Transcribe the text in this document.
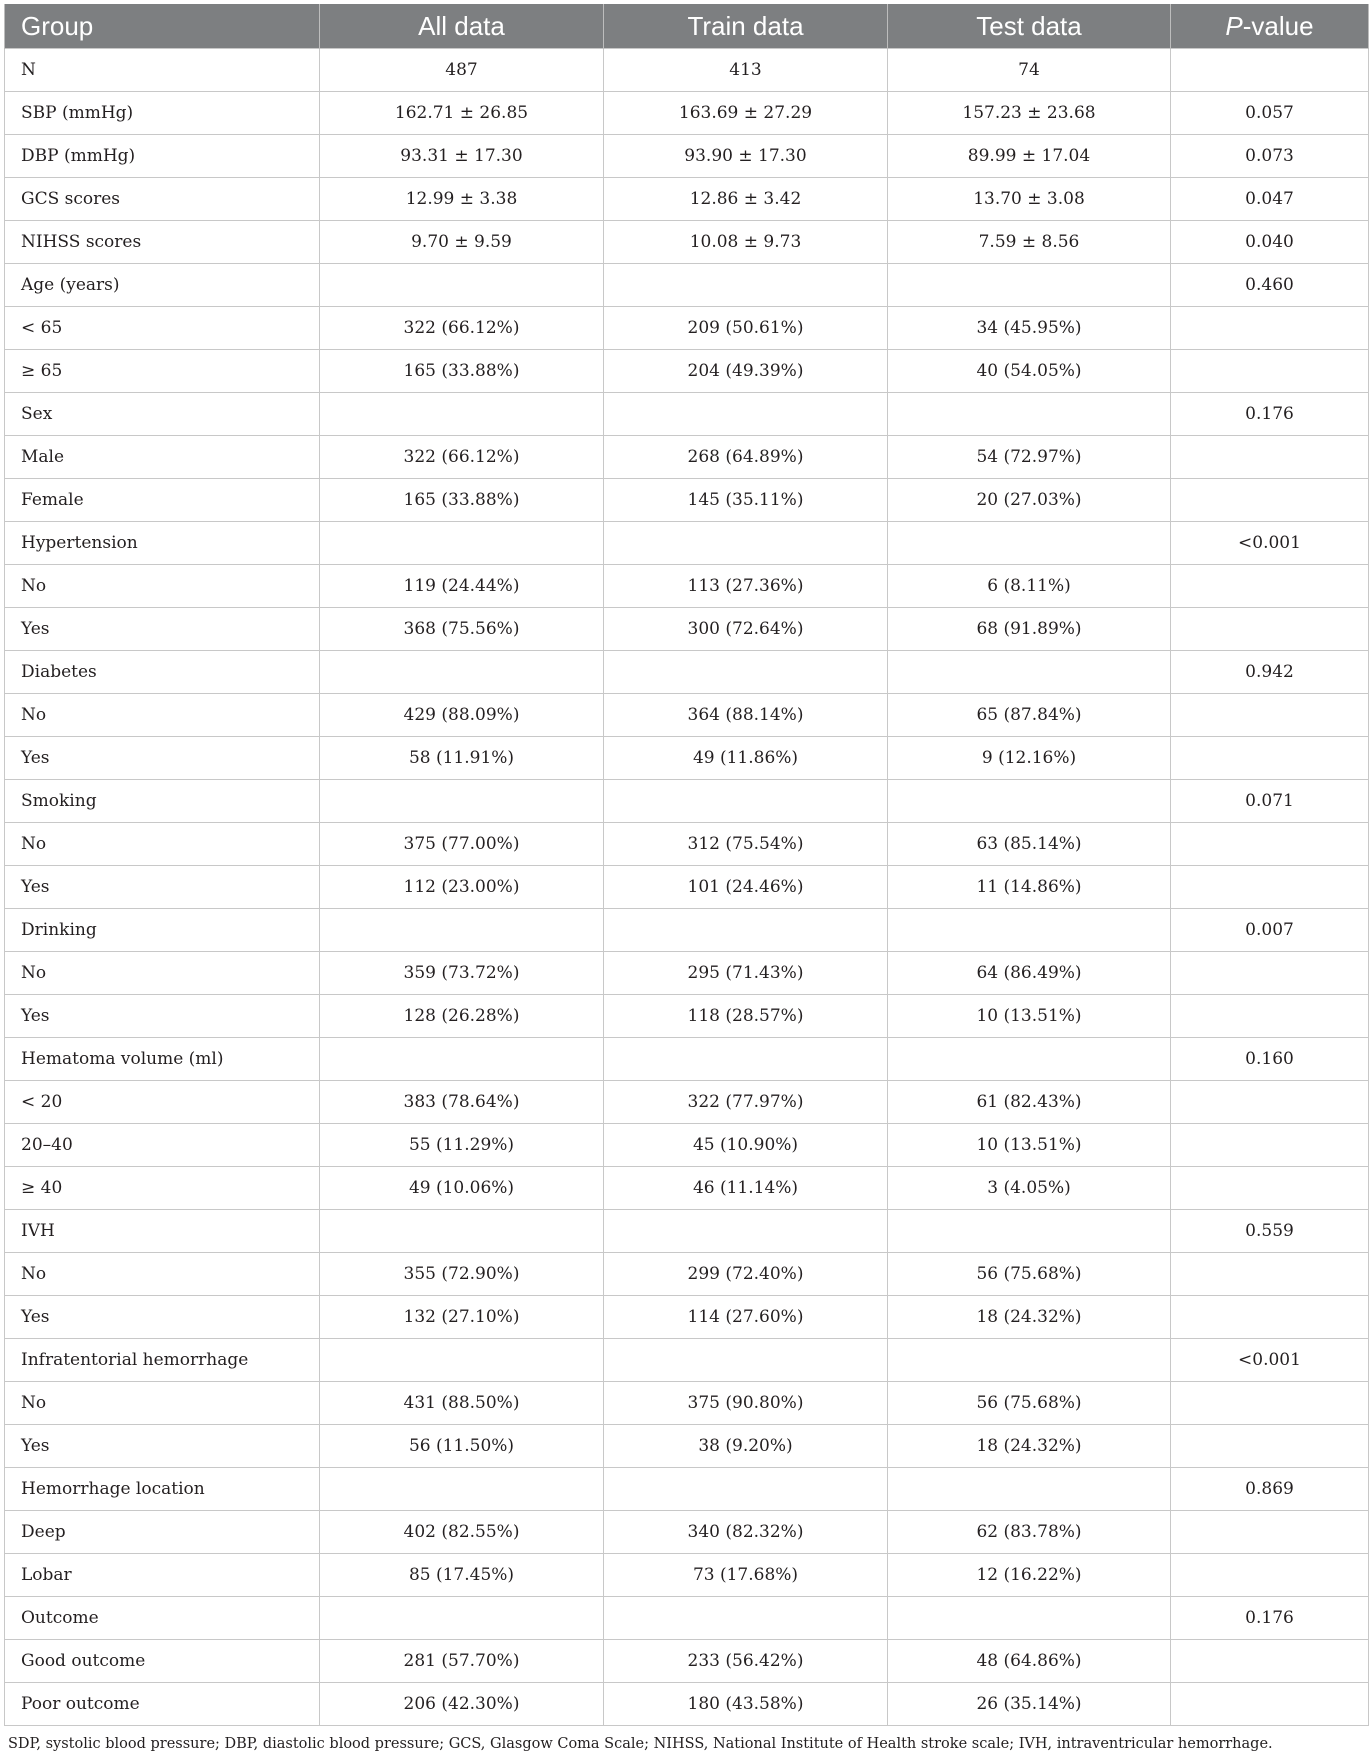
Group	All data	Train data	Test data	P-value
N	487	413	74	
SBP (mmHg)	162.71 ± 26.85	163.69 ± 27.29	157.23 ± 23.68	0.057
DBP (mmHg)	93.31 ± 17.30	93.90 ± 17.30	89.99 ± 17.04	0.073
GCS scores	12.99 ± 3.38	12.86 ± 3.42	13.70 ± 3.08	0.047
NIHSS scores	9.70 ± 9.59	10.08 ± 9.73	7.59 ± 8.56	0.040
Age (years)				0.460
< 65	322 (66.12%)	209 (50.61%)	34 (45.95%)	
≥ 65	165 (33.88%)	204 (49.39%)	40 (54.05%)	
Sex				0.176
Male	322 (66.12%)	268 (64.89%)	54 (72.97%)	
Female	165 (33.88%)	145 (35.11%)	20 (27.03%)	
Hypertension				<0.001
No	119 (24.44%)	113 (27.36%)	6 (8.11%)	
Yes	368 (75.56%)	300 (72.64%)	68 (91.89%)	
Diabetes				0.942
No	429 (88.09%)	364 (88.14%)	65 (87.84%)	
Yes	58 (11.91%)	49 (11.86%)	9 (12.16%)	
Smoking				0.071
No	375 (77.00%)	312 (75.54%)	63 (85.14%)	
Yes	112 (23.00%)	101 (24.46%)	11 (14.86%)	
Drinking				0.007
No	359 (73.72%)	295 (71.43%)	64 (86.49%)	
Yes	128 (26.28%)	118 (28.57%)	10 (13.51%)	
Hematoma volume (ml)				0.160
< 20	383 (78.64%)	322 (77.97%)	61 (82.43%)	
20–40	55 (11.29%)	45 (10.90%)	10 (13.51%)	
≥ 40	49 (10.06%)	46 (11.14%)	3 (4.05%)	
IVH				0.559
No	355 (72.90%)	299 (72.40%)	56 (75.68%)	
Yes	132 (27.10%)	114 (27.60%)	18 (24.32%)	
Infratentorial hemorrhage				<0.001
No	431 (88.50%)	375 (90.80%)	56 (75.68%)	
Yes	56 (11.50%)	38 (9.20%)	18 (24.32%)	
Hemorrhage location				0.869
Deep	402 (82.55%)	340 (82.32%)	62 (83.78%)	
Lobar	85 (17.45%)	73 (17.68%)	12 (16.22%)	
Outcome				0.176
Good outcome	281 (57.70%)	233 (56.42%)	48 (64.86%)	
Poor outcome	206 (42.30%)	180 (43.58%)	26 (35.14%)	

SDP, systolic blood pressure; DBP, diastolic blood pressure; GCS, Glasgow Coma Scale; NIHSS, National Institute of Health stroke scale; IVH, intraventricular hemorrhage.
